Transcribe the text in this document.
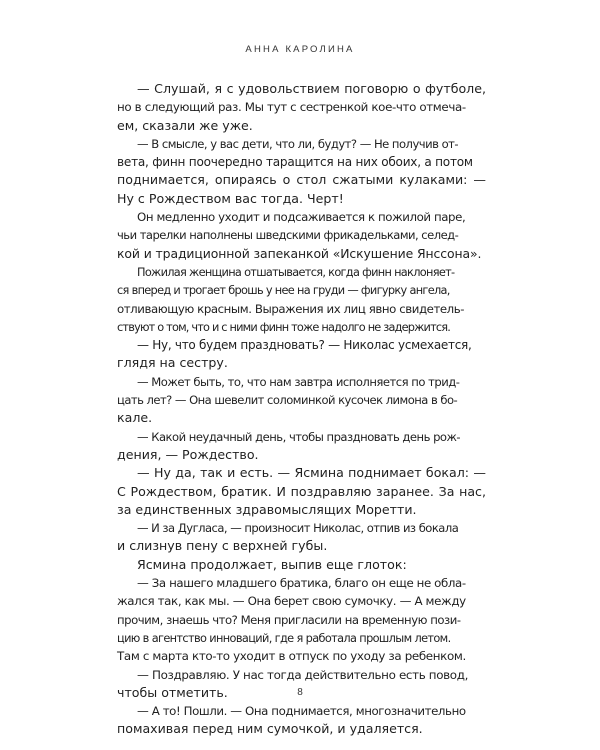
АННА КАРОЛИНА
— Слушай, я с удовольствием поговорю о футболе,
но в следующий раз. Мы тут с сестренкой кое-что отмеча-
ем, сказали же уже.
— В смысле, у вас дети, что ли, будут? — Не получив от-
вета, финн поочередно таращится на них обоих, а потом
поднимается, опираясь о стол сжатыми кулаками: —
Ну с Рождеством вас тогда. Черт!
Он медленно уходит и подсаживается к пожилой паре,
чьи тарелки наполнены шведскими фрикадельками, селед-
кой и традиционной запеканкой «Искушение Янссона».
Пожилая женщина отшатывается, когда финн наклоняет-
ся вперед и трогает брошь у нее на груди — фигурку ангела,
отливающую красным. Выражения их лиц явно свидетель-
ствуют о том, что и с ними финн тоже надолго не задержится.
— Ну, что будем праздновать? — Николас усмехается,
глядя на сестру.
— Может быть, то, что нам завтра исполняется по трид-
цать лет? — Она шевелит соломинкой кусочек лимона в бо-
кале.
— Какой неудачный день, чтобы праздновать день рож-
дения, — Рождество.
— Ну да, так и есть. — Ясмина поднимает бокал: —
С Рождеством, братик. И поздравляю заранее. За нас,
за единственных здравомыслящих Моретти.
— И за Дугласа, — произносит Николас, отпив из бокала
и слизнув пену с верхней губы.
Ясмина продолжает, выпив еще глоток:
— За нашего младшего братика, благо он еще не обла-
жался так, как мы. — Она берет свою сумочку. — А между
прочим, знаешь что? Меня пригласили на временную пози-
цию в агентство инноваций, где я работала прошлым летом.
Там с марта кто-то уходит в отпуск по уходу за ребенком.
— Поздравляю. У нас тогда действительно есть повод,
чтобы отметить.
— А то! Пошли. — Она поднимается, многозначительно
помахивая перед ним сумочкой, и удаляется.
8
